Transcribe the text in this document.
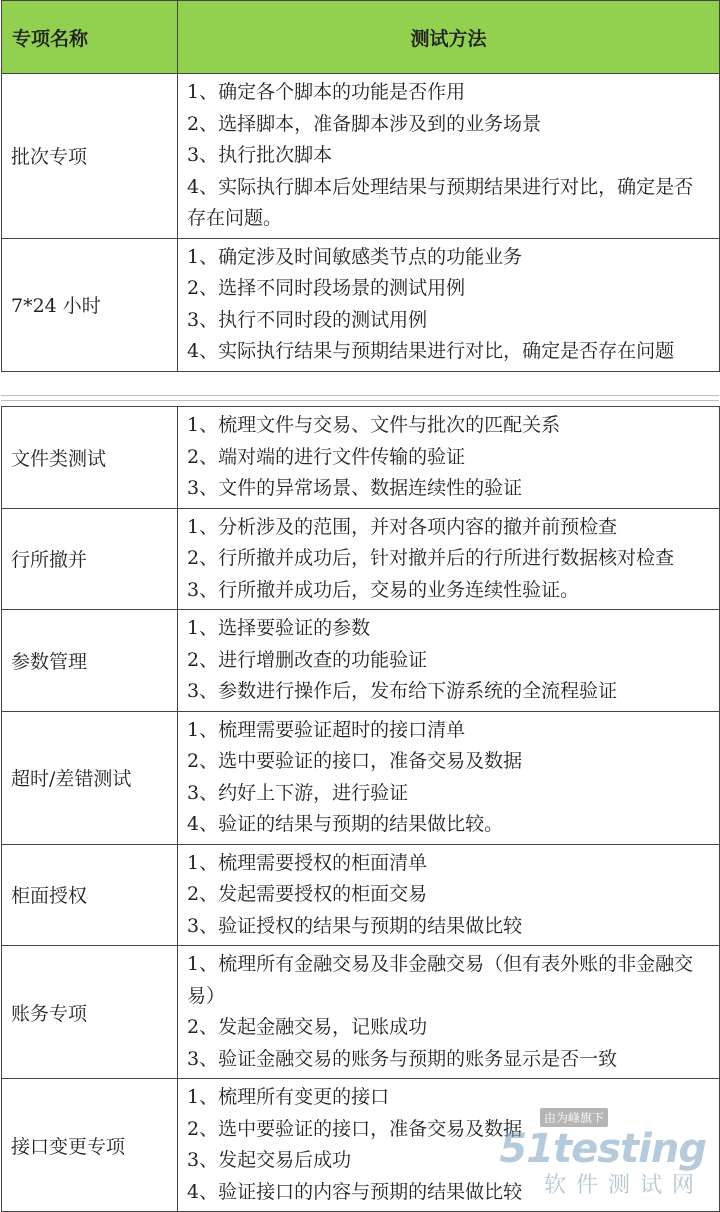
专项名称	测试方法
批次专项	1、确定各个脚本的功能是否作用
2、选择脚本，准备脚本涉及到的业务场景
3、执行批次脚本
4、实际执行脚本后处理结果与预期结果进行对比，确定是否存在问题。

7*24 小时	1、确定涉及时间敏感类节点的功能业务
2、选择不同时段场景的测试用例
3、执行不同时段的测试用例
4、实际执行结果与预期结果进行对比，确定是否存在问题
文件类测试	1、梳理文件与交易、文件与批次的匹配关系
2、端对端的进行文件传输的验证
3、文件的异常场景、数据连续性的验证

行所撤并	1、分析涉及的范围，并对各项内容的撤并前预检查
2、行所撤并成功后，针对撤并后的行所进行数据核对检查
3、行所撤并成功后，交易的业务连续性验证。

参数管理	1、选择要验证的参数
2、进行增删改查的功能验证
3、参数进行操作后，发布给下游系统的全流程验证

超时/差错测试	1、梳理需要验证超时的接口清单
2、选中要验证的接口，准备交易及数据
3、约好上下游，进行验证
4、验证的结果与预期的结果做比较。

柜面授权	1、梳理需要授权的柜面清单
2、发起需要授权的柜面交易
3、验证授权的结果与预期的结果做比较

账务专项	1、梳理所有金融交易及非金融交易（但有表外账的非金融交易）
2、发起金融交易，记账成功
3、验证金融交易的账务与预期的账务显示是否一致

接口变更专项	1、梳理所有变更的接口
2、选中要验证的接口，准备交易及数据
3、发起交易后成功
4、验证接口的内容与预期的结果做比较
由为峰旗下
51testing
软件测试网
